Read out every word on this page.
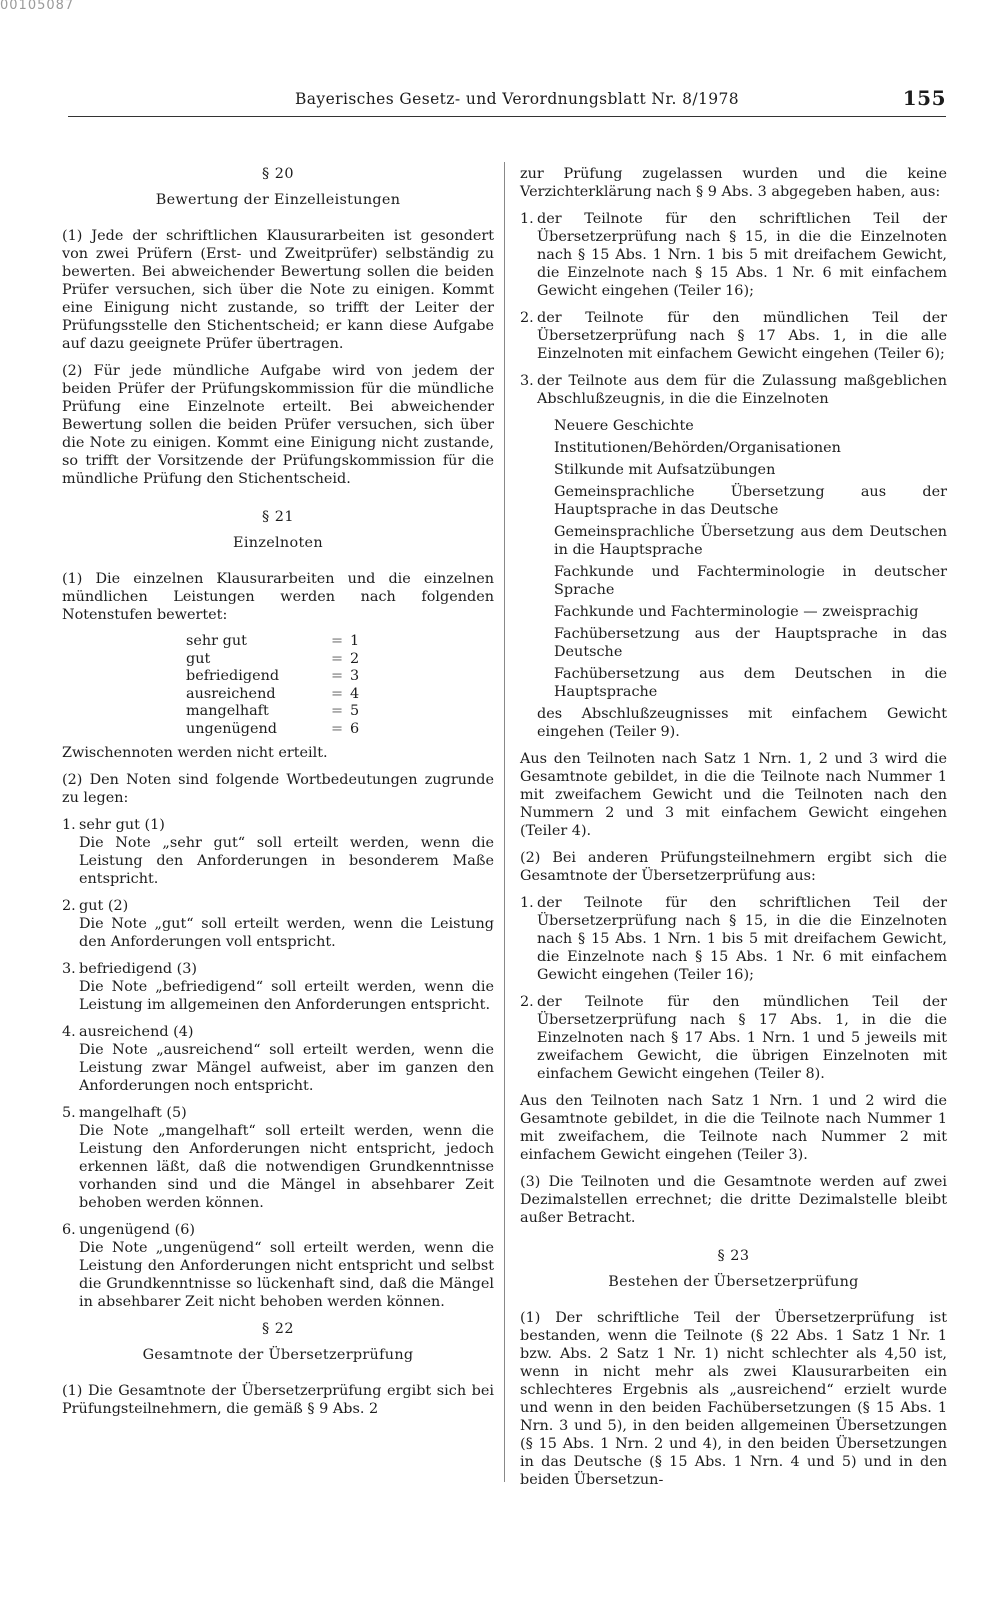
00105087
Bayerisches Gesetz- und Verordnungsblatt Nr. 8/1978	155
§ 20
Bewertung der Einzelleistungen

(1) Jede der schriftlichen Klausurarbeiten ist gesondert von zwei Prüfern (Erst- und Zweitprüfer) selbständig zu bewerten. Bei abweichender Bewertung sollen die beiden Prüfer versuchen, sich über die Note zu einigen. Kommt eine Einigung nicht zustande, so trifft der Leiter der Prüfungsstelle den Stichentscheid; er kann diese Aufgabe auf dazu geeignete Prüfer übertragen.

(2) Für jede mündliche Aufgabe wird von jedem der beiden Prüfer der Prüfungskommission für die mündliche Prüfung eine Einzelnote erteilt. Bei abweichender Bewertung sollen die beiden Prüfer versuchen, sich über die Note zu einigen. Kommt eine Einigung nicht zustande, so trifft der Vorsitzende der Prüfungskommission für die mündliche Prüfung den Stichentscheid.

§ 21
Einzelnoten

(1) Die einzelnen Klausurarbeiten und die einzelnen mündlichen Leistungen werden nach folgenden Notenstufen bewertet:

sehr gut	=	1
gut	=	2
befriedigend	=	3
ausreichend	=	4
mangelhaft	=	5
ungenügend	=	6

Zwischennoten werden nicht erteilt.

(2) Den Noten sind folgende Wortbedeutungen zugrunde zu legen:

1. sehr gut (1)
Die Note „sehr gut“ soll erteilt werden, wenn die Leistung den Anforderungen in besonderem Maße entspricht.
2. gut (2)
Die Note „gut“ soll erteilt werden, wenn die Leistung den Anforderungen voll entspricht.
3. befriedigend (3)
Die Note „befriedigend“ soll erteilt werden, wenn die Leistung im allgemeinen den Anforderungen entspricht.
4. ausreichend (4)
Die Note „ausreichend“ soll erteilt werden, wenn die Leistung zwar Mängel aufweist, aber im ganzen den Anforderungen noch entspricht.
5. mangelhaft (5)
Die Note „mangelhaft“ soll erteilt werden, wenn die Leistung den Anforderungen nicht entspricht, jedoch erkennen läßt, daß die notwendigen Grundkenntnisse vorhanden sind und die Mängel in absehbarer Zeit behoben werden können.
6. ungenügend (6)
Die Note „ungenügend“ soll erteilt werden, wenn die Leistung den Anforderungen nicht entspricht und selbst die Grundkenntnisse so lückenhaft sind, daß die Mängel in absehbarer Zeit nicht behoben werden können.
§ 22
Gesamtnote der Übersetzerprüfung

(1) Die Gesamtnote der Übersetzerprüfung ergibt sich bei Prüfungsteilnehmern, die gemäß § 9 Abs. 2

zur Prüfung zugelassen wurden und die keine Verzichterklärung nach § 9 Abs. 3 abgegeben haben, aus:

1. der Teilnote für den schriftlichen Teil der Übersetzerprüfung nach § 15, in die die Einzelnoten nach § 15 Abs. 1 Nrn. 1 bis 5 mit dreifachem Gewicht, die Einzelnote nach § 15 Abs. 1 Nr. 6 mit einfachem Gewicht eingehen (Teiler 16);
2. der Teilnote für den mündlichen Teil der Übersetzerprüfung nach § 17 Abs. 1, in die alle Einzelnoten mit einfachem Gewicht eingehen (Teiler 6);
3. der Teilnote aus dem für die Zulassung maßgeblichen Abschlußzeugnis, in die die Einzelnoten
Neuere Geschichte
Institutionen/Behörden/Organisationen
Stilkunde mit Aufsatzübungen
Gemeinsprachliche Übersetzung aus der Hauptsprache in das Deutsche
Gemeinsprachliche Übersetzung aus dem Deutschen in die Hauptsprache
Fachkunde und Fachterminologie in deutscher Sprache
Fachkunde und Fachterminologie — zweisprachig
Fachübersetzung aus der Hauptsprache in das Deutsche
Fachübersetzung aus dem Deutschen in die Hauptsprache

des Abschlußzeugnisses mit einfachem Gewicht eingehen (Teiler 9).

Aus den Teilnoten nach Satz 1 Nrn. 1, 2 und 3 wird die Gesamtnote gebildet, in die die Teilnote nach Nummer 1 mit zweifachem Gewicht und die Teilnoten nach den Nummern 2 und 3 mit einfachem Gewicht eingehen (Teiler 4).

(2) Bei anderen Prüfungsteilnehmern ergibt sich die Gesamtnote der Übersetzerprüfung aus:

1. der Teilnote für den schriftlichen Teil der Übersetzerprüfung nach § 15, in die die Einzelnoten nach § 15 Abs. 1 Nrn. 1 bis 5 mit dreifachem Gewicht, die Einzelnote nach § 15 Abs. 1 Nr. 6 mit einfachem Gewicht eingehen (Teiler 16);
2. der Teilnote für den mündlichen Teil der Übersetzerprüfung nach § 17 Abs. 1, in die die Einzelnoten nach § 17 Abs. 1 Nrn. 1 und 5 jeweils mit zweifachem Gewicht, die übrigen Einzelnoten mit einfachem Gewicht eingehen (Teiler 8).

Aus den Teilnoten nach Satz 1 Nrn. 1 und 2 wird die Gesamtnote gebildet, in die die Teilnote nach Nummer 1 mit zweifachem, die Teilnote nach Nummer 2 mit einfachem Gewicht eingehen (Teiler 3).

(3) Die Teilnoten und die Gesamtnote werden auf zwei Dezimalstellen errechnet; die dritte Dezimalstelle bleibt außer Betracht.

§ 23
Bestehen der Übersetzerprüfung

(1) Der schriftliche Teil der Übersetzerprüfung ist bestanden, wenn die Teilnote (§ 22 Abs. 1 Satz 1 Nr. 1 bzw. Abs. 2 Satz 1 Nr. 1) nicht schlechter als 4,50 ist, wenn in nicht mehr als zwei Klausurarbeiten ein schlechteres Ergebnis als „ausreichend“ erzielt wurde und wenn in den beiden Fachübersetzungen (§ 15 Abs. 1 Nrn. 3 und 5), in den beiden allgemeinen Übersetzungen (§ 15 Abs. 1 Nrn. 2 und 4), in den beiden Übersetzungen in das Deutsche (§ 15 Abs. 1 Nrn. 4 und 5) und in den beiden Übersetzun-
